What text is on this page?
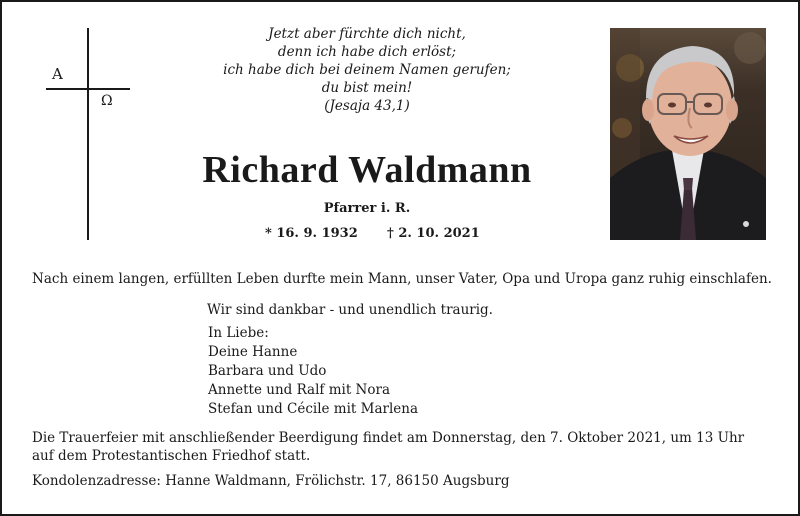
A
Ω
Jetzt aber fürchte dich nicht,
denn ich habe dich erlöst;
ich habe dich bei deinem Namen gerufen;
du bist mein!
(Jesaja 43,1)
Richard Waldmann
Pfarrer i. R.
* 16. 9. 1932 † 2. 10. 2021
Nach einem langen, erfüllten Leben durfte mein Mann, unser Vater, Opa und Uropa ganz ruhig einschlafen.
Wir sind dankbar - und unendlich traurig.
In Liebe:
Deine Hanne
Barbara und Udo
Annette und Ralf mit Nora
Stefan und Cécile mit Marlena
Die Trauerfeier mit anschließender Beerdigung findet am Donnerstag, den 7. Oktober 2021, um 13 Uhr
auf dem Protestantischen Friedhof statt.
Kondolenzadresse: Hanne Waldmann, Frölichstr. 17, 86150 Augsburg
